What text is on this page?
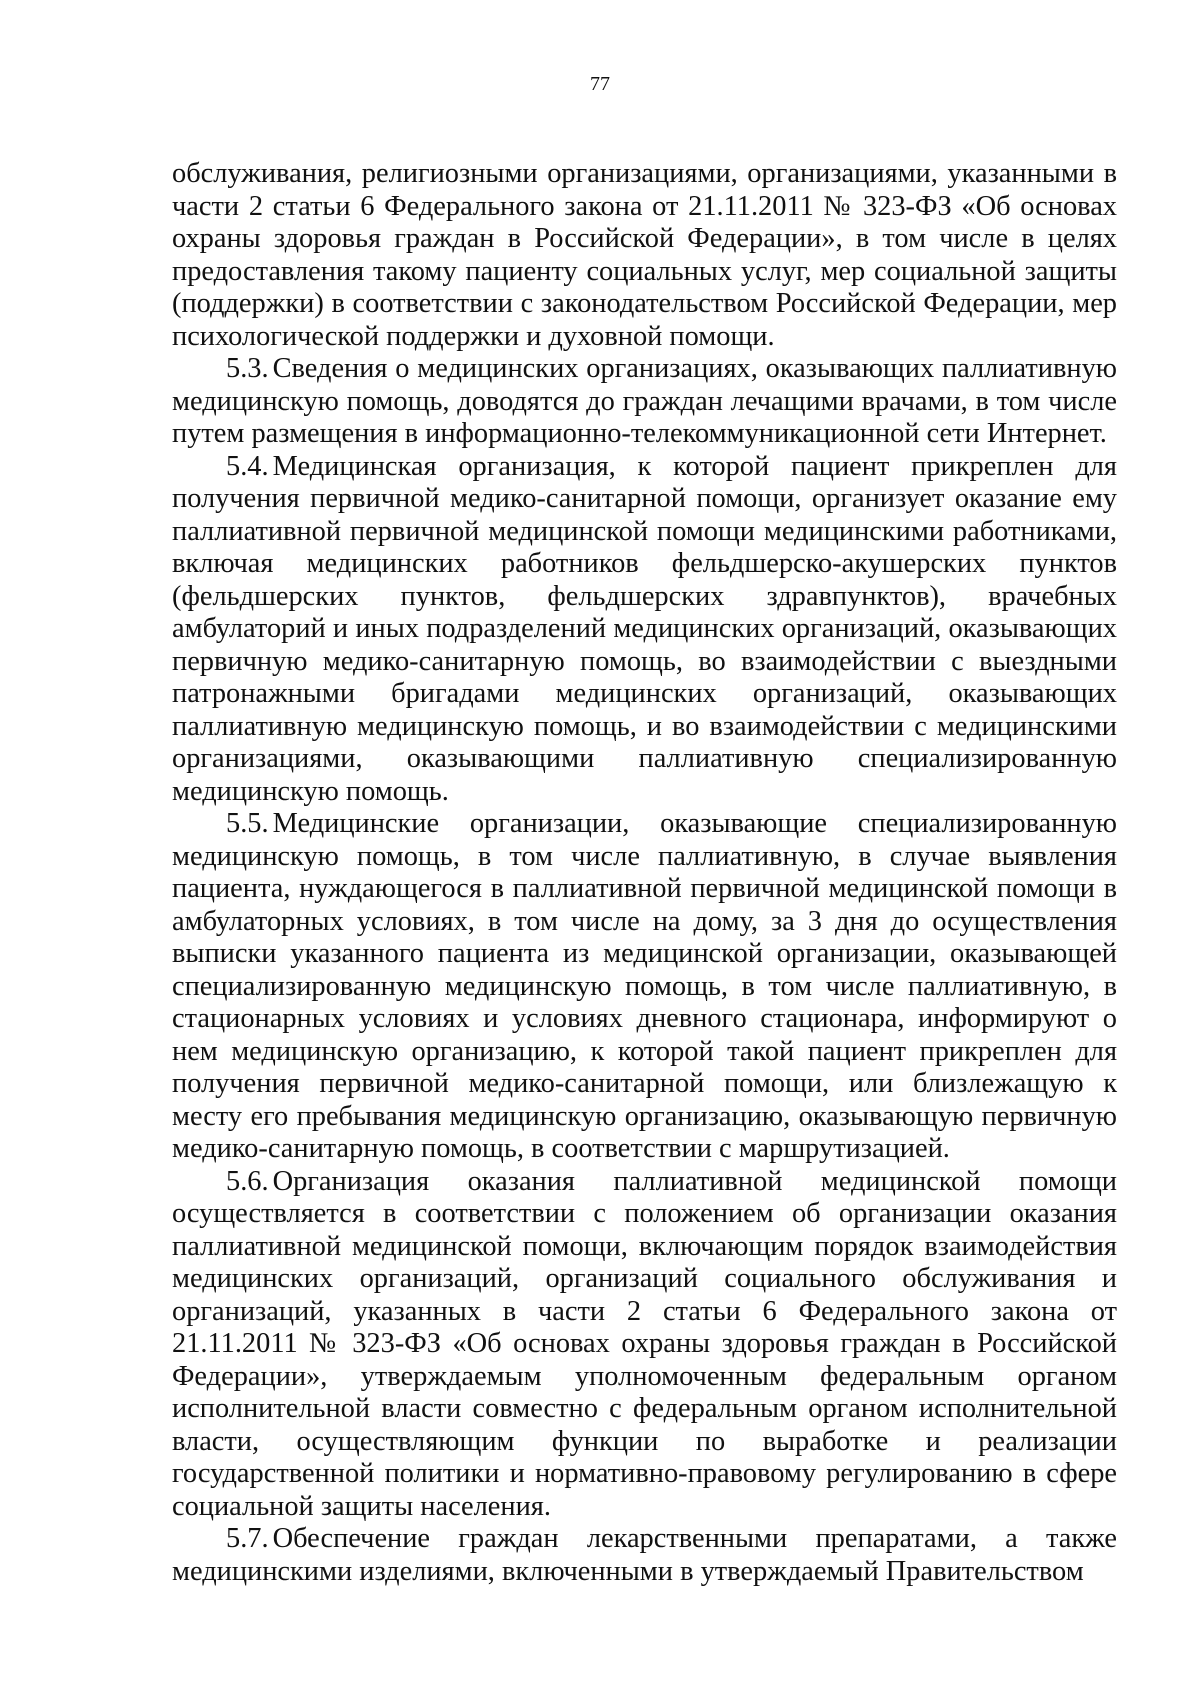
77

обслуживания, религиозными организациями, организациями, указанными в части 2 статьи 6 Федерального закона от 21.11.2011 № 323-ФЗ «Об основах охраны здоровья граждан в Российской Федерации», в том числе в целях предоставления такому пациенту социальных услуг, мер социальной защиты (поддержки) в соответствии с законодательством Российской Федерации, мер психологической поддержки и духовной помощи.

5.3. Сведения о медицинских организациях, оказывающих паллиативную медицинскую помощь, доводятся до граждан лечащими врачами, в том числе путем размещения в информационно-телекоммуникационной сети Интернет.

5.4. Медицинская организация, к которой пациент прикреплен для получения первичной медико-санитарной помощи, организует оказание ему паллиативной первичной медицинской помощи медицинскими работниками, включая медицинских работников фельдшерско-акушерских пунктов (фельдшерских пунктов, фельдшерских здравпунктов), врачебных амбулаторий и иных подразделений медицинских организаций, оказывающих первичную медико-санитарную помощь, во взаимодействии с выездными патронажными бригадами медицинских организаций, оказывающих паллиативную медицинскую помощь, и во взаимодействии с медицинскими организациями, оказывающими паллиативную специализированную медицинскую помощь.

5.5. Медицинские организации, оказывающие специализированную медицинскую помощь, в том числе паллиативную, в случае выявления пациента, нуждающегося в паллиативной первичной медицинской помощи в амбулаторных условиях, в том числе на дому, за 3 дня до осуществления выписки указанного пациента из медицинской организации, оказывающей специализированную медицинскую помощь, в том числе паллиативную, в стационарных условиях и условиях дневного стационара, информируют о нем медицинскую организацию, к которой такой пациент прикреплен для получения первичной медико-санитарной помощи, или близлежащую к месту его пребывания медицинскую организацию, оказывающую первичную медико-санитарную помощь, в соответствии с маршрутизацией.

5.6. Организация оказания паллиативной медицинской помощи осуществляется в соответствии с положением об организации оказания паллиативной медицинской помощи, включающим порядок взаимодействия медицинских организаций, организаций социального обслуживания и организаций, указанных в части 2 статьи 6 Федерального закона от 21.11.2011 № 323-ФЗ «Об основах охраны здоровья граждан в Российской Федерации», утверждаемым уполномоченным федеральным органом исполнительной власти совместно с федеральным органом исполнительной власти, осуществляющим функции по выработке и реализации государственной политики и нормативно-правовому регулированию в сфере социальной защиты населения.

5.7. Обеспечение граждан лекарственными препаратами, а также медицинскими изделиями, включенными в утверждаемый Правительством
